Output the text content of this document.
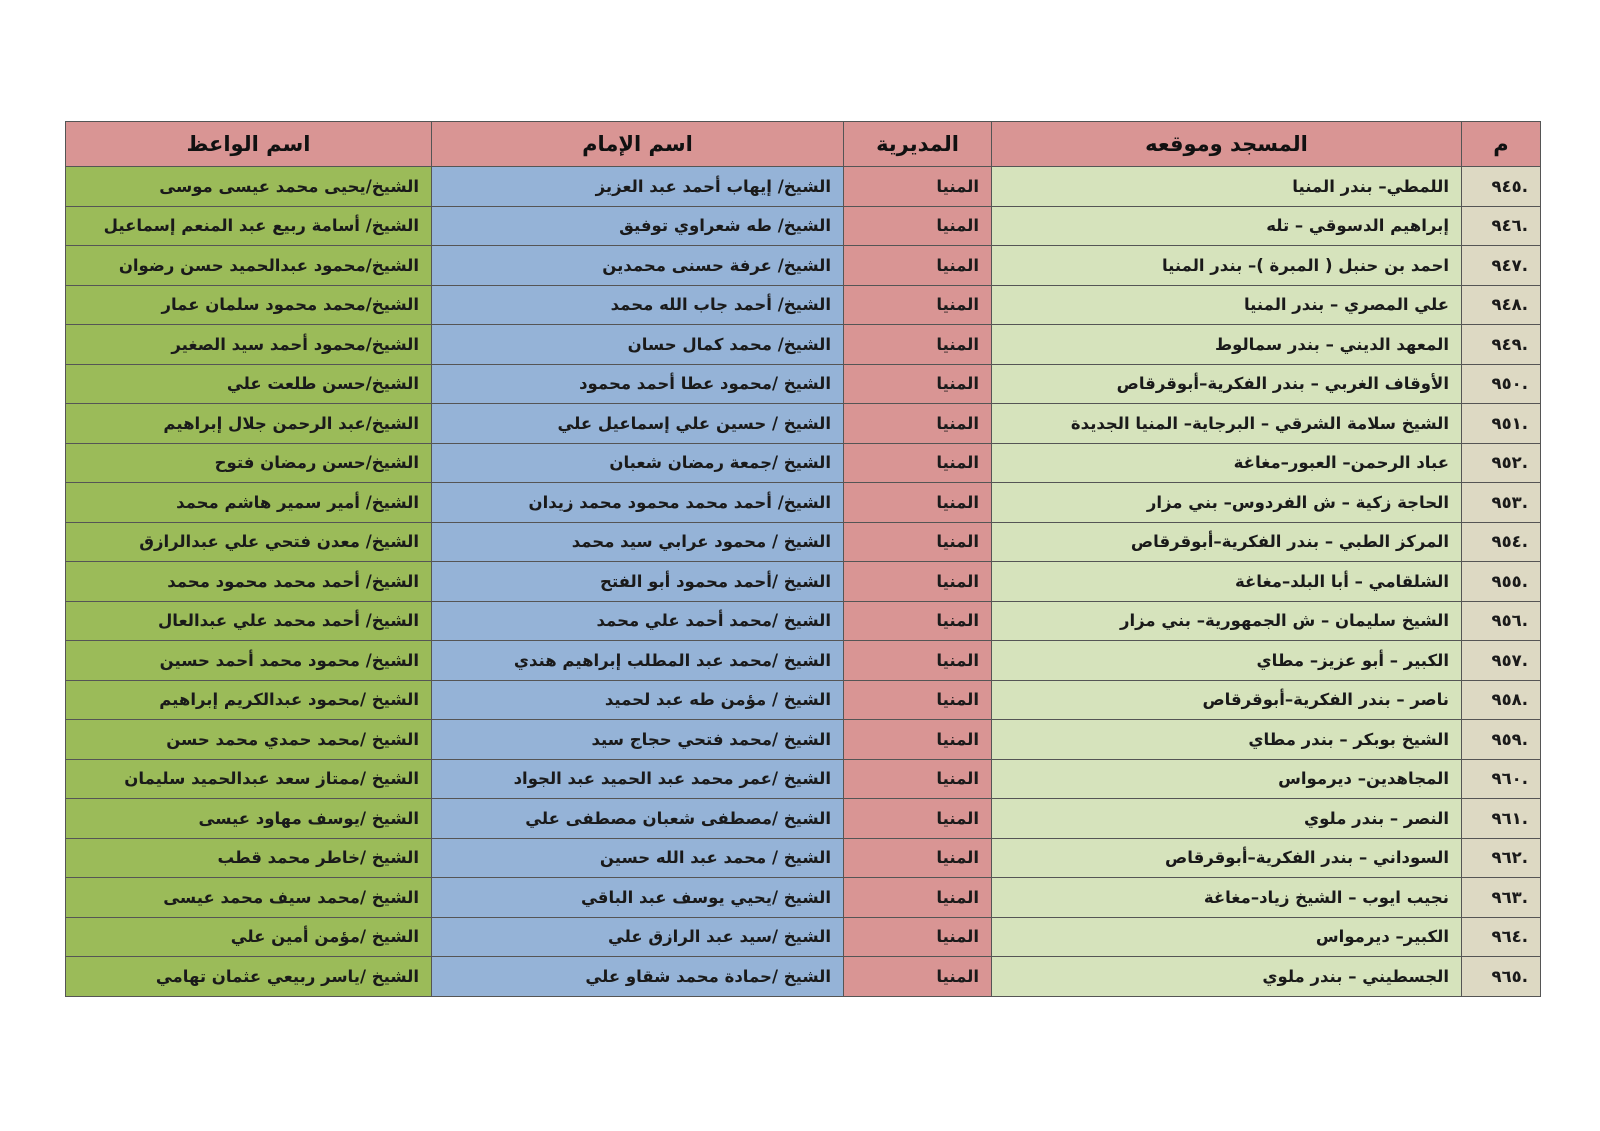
م	المسجد وموقعه	المديرية	اسم الإمام	اسم الواعظ
٩٤٥.	اللمطي– بندر المنيا	المنيا	الشيخ/ إيهاب أحمد عبد العزيز	الشيخ/يحيى محمد عيسى موسى
٩٤٦.	إبراهيم الدسوقي – تله	المنيا	الشيخ/ طه شعراوي توفيق	الشيخ/ أسامة ربيع عبد المنعم إسماعيل
٩٤٧.	احمد بن حنبل ( المبرة )– بندر المنيا	المنيا	الشيخ/ عرفة حسنى محمدين	الشيخ/محمود عبدالحميد حسن رضوان
٩٤٨.	علي المصري – بندر المنيا	المنيا	الشيخ/ أحمد جاب الله محمد	الشيخ/محمد محمود سلمان عمار
٩٤٩.	المعهد الديني – بندر سمالوط	المنيا	الشيخ/ محمد كمال حسان	الشيخ/محمود أحمد سيد الصغير
٩٥٠.	الأوقاف الغربي – بندر الفكرية–أبوقرقاص	المنيا	الشيخ /محمود عطا أحمد محمود	الشيخ/حسن طلعت علي
٩٥١.	الشيخ سلامة الشرقي – البرجاية– المنيا الجديدة	المنيا	الشيخ / حسين علي إسماعيل علي	الشيخ/عبد الرحمن جلال إبراهيم
٩٥٢.	عباد الرحمن– العبور–مغاغة	المنيا	الشيخ /جمعة رمضان شعبان	الشيخ/حسن رمضان فتوح
٩٥٣.	الحاجة زكية – ش الفردوس– بني مزار	المنيا	الشيخ/ أحمد محمد محمود محمد زيدان	الشيخ/ أمير سمير هاشم محمد
٩٥٤.	المركز الطبي – بندر الفكرية–أبوقرقاص	المنيا	الشيخ / محمود عرابي سيد محمد	الشيخ/ معدن فتحي علي عبدالرازق
٩٥٥.	الشلقامي – أبا البلد–مغاغة	المنيا	الشيخ /أحمد محمود أبو الفتح	الشيخ/ أحمد محمد محمود محمد
٩٥٦.	الشيخ سليمان – ش الجمهورية– بني مزار	المنيا	الشيخ /محمد أحمد علي محمد	الشيخ/ أحمد محمد علي عبدالعال
٩٥٧.	الكبير – أبو عزيز– مطاي	المنيا	الشيخ /محمد عبد المطلب إبراهيم هندي	الشيخ/ محمود محمد أحمد حسين
٩٥٨.	ناصر – بندر الفكرية–أبوقرقاص	المنيا	الشيخ / مؤمن طه عبد لحميد	الشيخ /محمود عبدالكريم إبراهيم
٩٥٩.	الشيخ بوبكر – بندر مطاي	المنيا	الشيخ /محمد فتحي حجاج سيد	الشيخ /محمد حمدي محمد حسن
٩٦٠.	المجاهدين– ديرمواس	المنيا	الشيخ /عمر محمد عبد الحميد عبد الجواد	الشيخ /ممتاز سعد عبدالحميد سليمان
٩٦١.	النصر – بندر ملوي	المنيا	الشيخ /مصطفى شعبان مصطفى علي	الشيخ /يوسف مهاود عيسى
٩٦٢.	السوداني – بندر الفكرية–أبوقرقاص	المنيا	الشيخ / محمد عبد الله حسين	الشيخ /خاطر محمد قطب
٩٦٣.	نجيب ايوب – الشيخ زياد–مغاغة	المنيا	الشيخ /يحيي يوسف عبد الباقي	الشيخ /محمد سيف محمد عيسى
٩٦٤.	الكبير– ديرمواس	المنيا	الشيخ /سيد عبد الرازق علي	الشيخ /مؤمن أمين علي
٩٦٥.	الجسطيني – بندر ملوي	المنيا	الشيخ /حمادة محمد شقاو علي	الشيخ /ياسر ربيعي عثمان تهامي
